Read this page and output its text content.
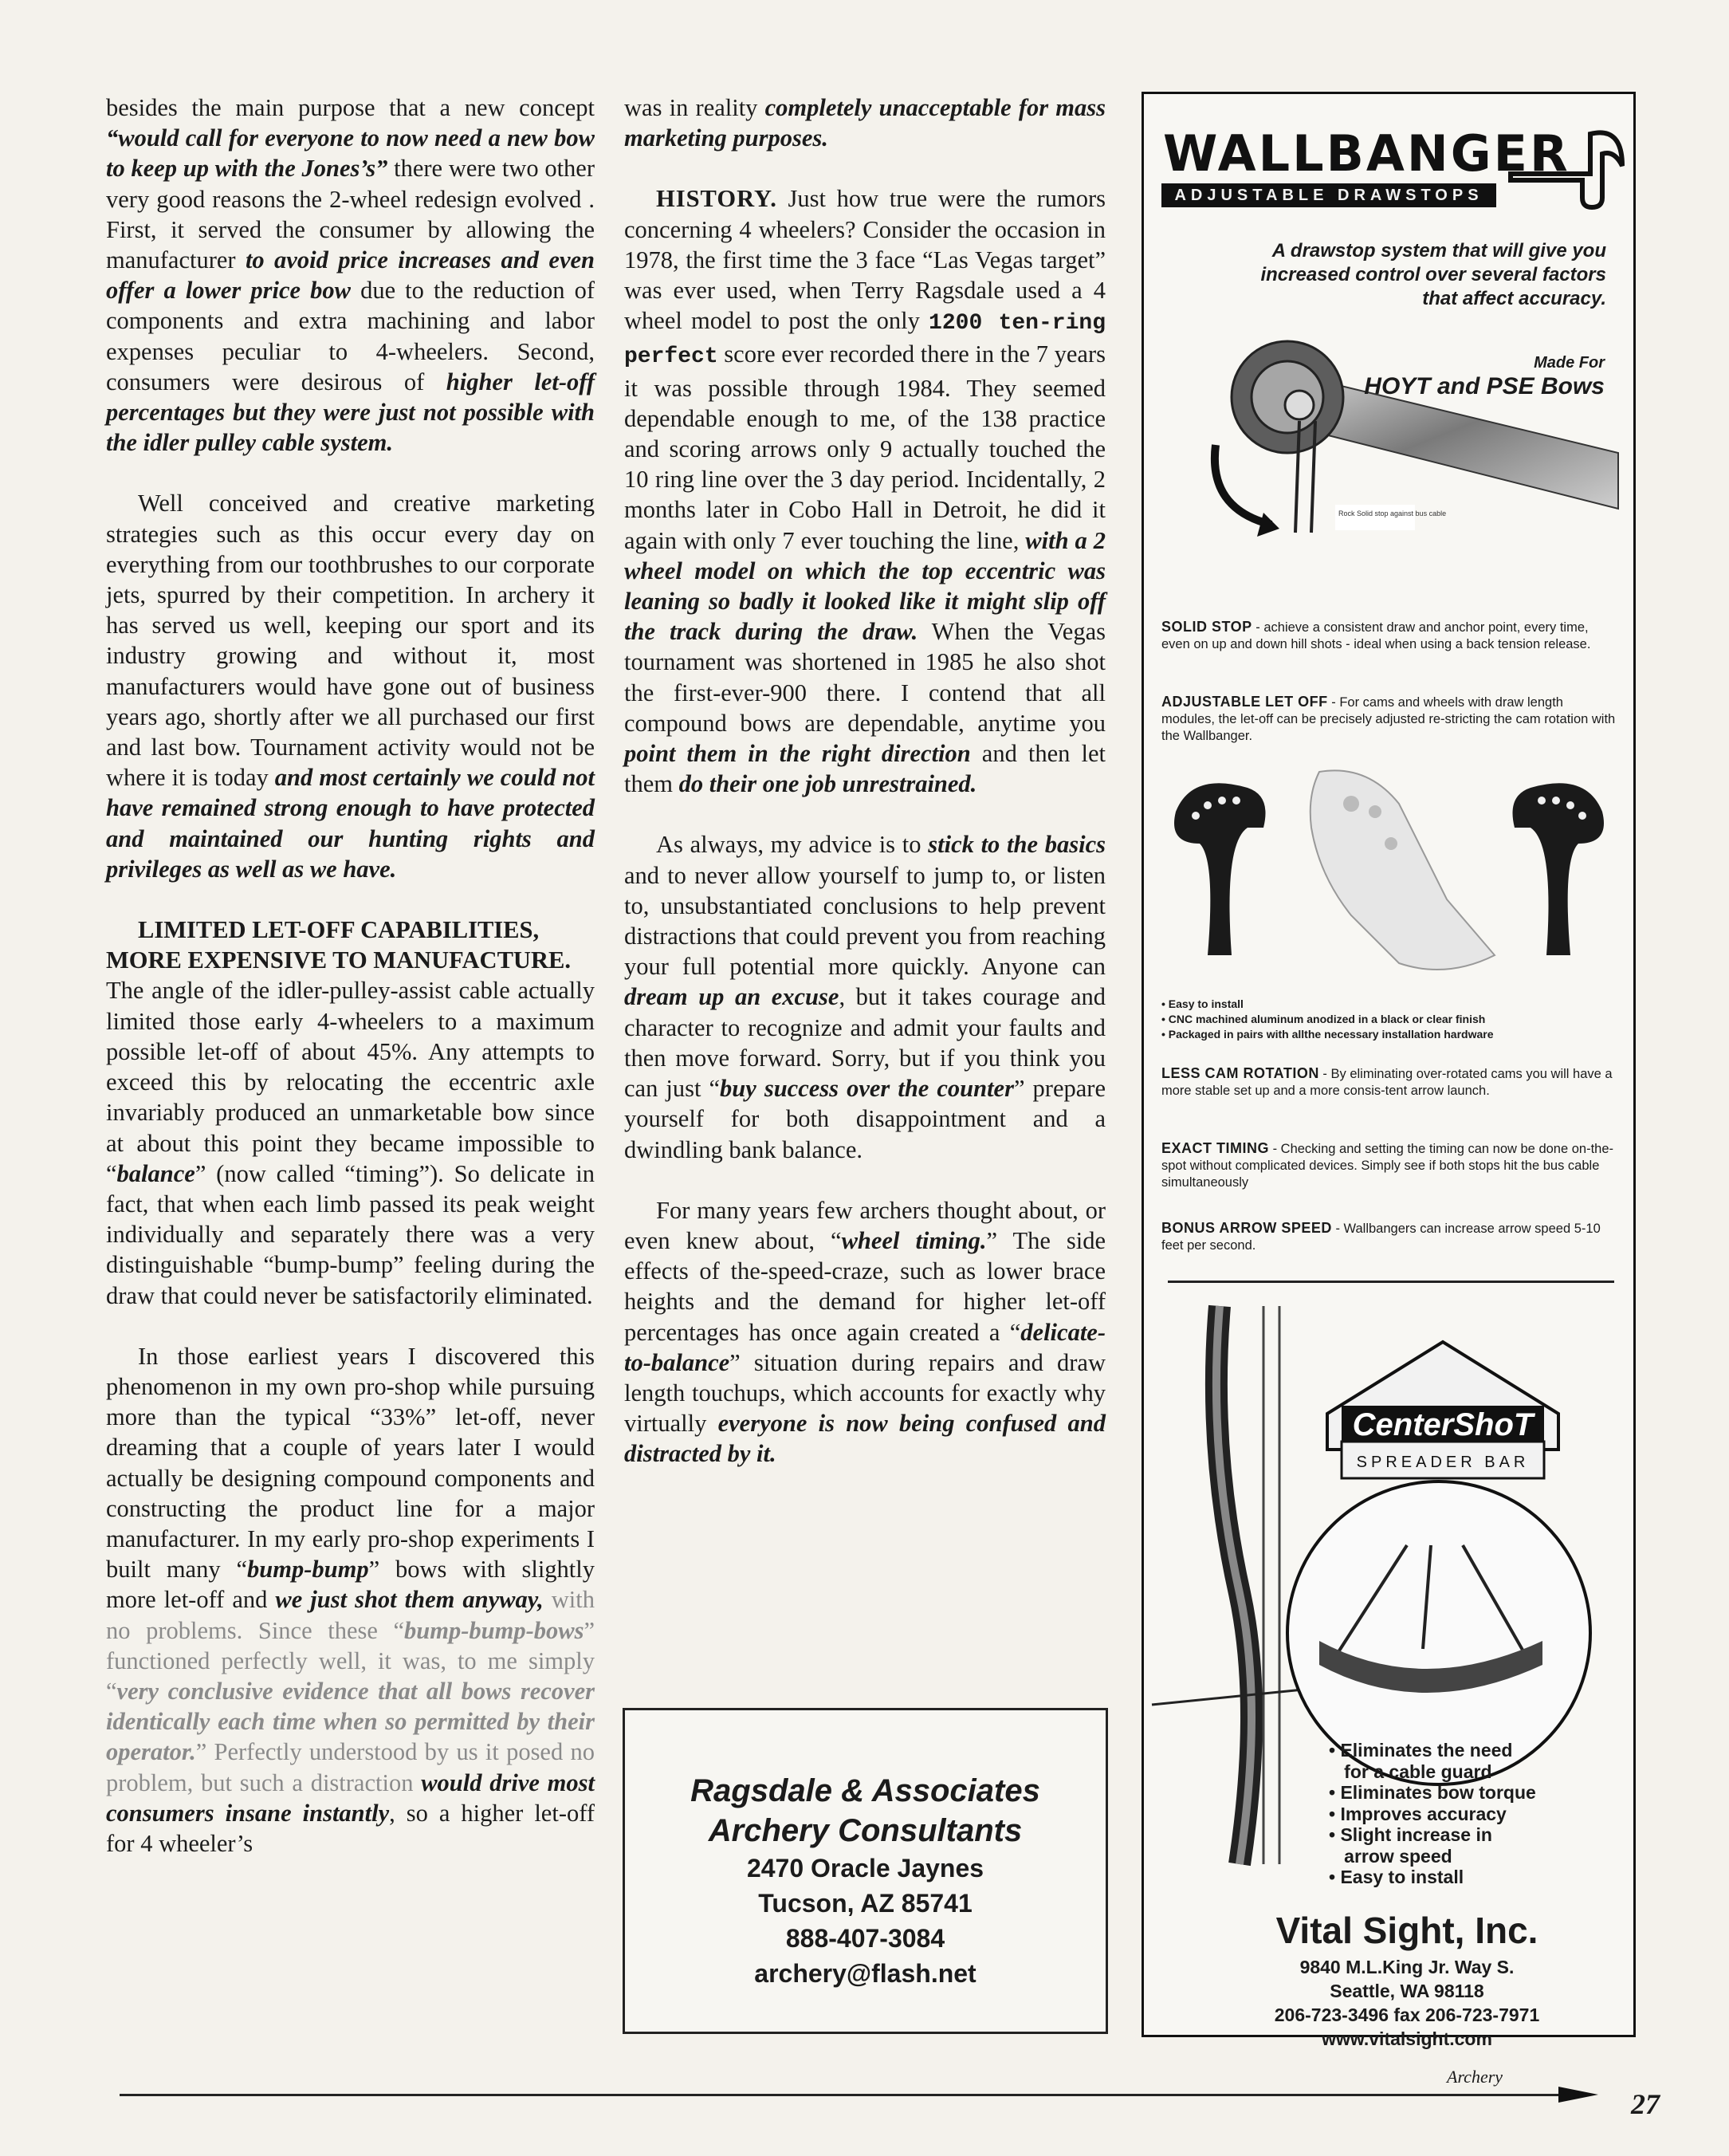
besides the main purpose that a new concept “would call for everyone to now need a new bow to keep up with the Jones’s” there were two other very good reasons the 2-wheel redesign evolved . First, it served the consumer by allowing the manufacturer to avoid price increases and even offer a lower price bow due to the reduction of components and extra machining and labor expenses peculiar to 4-wheelers. Second, consumers were desirous of higher let-off percentages but they were just not possible with the idler pulley cable system.

Well conceived and creative marketing strategies such as this occur every day on everything from our toothbrushes to our corporate jets, spurred by their competition. In archery it has served us well, keeping our sport and its industry growing and without it, most manufacturers would have gone out of business years ago, shortly after we all purchased our first and last bow. Tournament activity would not be where it is today and most certainly we could not have remained strong enough to have protected and maintained our hunting rights and privileges as well as we have.

LIMITED LET-OFF CAPABILITIES, MORE EXPENSIVE TO MANUFACTURE. The angle of the idler-pulley-assist cable actually limited those early 4-wheelers to a maximum possible let-off of about 45%. Any attempts to exceed this by relocating the eccentric axle invariably produced an unmarketable bow since at about this point they became impossible to “balance” (now called “timing”). So delicate in fact, that when each limb passed its peak weight individually and separately there was a very distinguishable “bump-bump” feeling during the draw that could never be satisfactorily eliminated.

In those earliest years I discovered this phenomenon in my own pro-shop while pursuing more than the typical “33%” let-off, never dreaming that a couple of years later I would actually be designing compound components and constructing the product line for a major manufacturer. In my early pro-shop experiments I built many “bump-bump” bows with slightly more let-off and we just shot them anyway, with no problems. Since these “bump-bump-bows” functioned perfectly well, it was, to me simply “very conclusive evidence that all bows recover identically each time when so permitted by their operator.” Perfectly understood by us it posed no problem, but such a distraction would drive most consumers insane instantly, so a higher let-off for 4 wheeler’s

was in reality completely unacceptable for mass marketing purposes.

HISTORY. Just how true were the rumors concerning 4 wheelers? Consider the occasion in 1978, the first time the 3 face “Las Vegas target” was ever used, when Terry Ragsdale used a 4 wheel model to post the only 1200 ten-ring perfect score ever recorded there in the 7 years it was possible through 1984. They seemed dependable enough to me, of the 138 practice and scoring arrows only 9 actually touched the 10 ring line over the 3 day period. Incidentally, 2 months later in Cobo Hall in Detroit, he did it again with only 7 ever touching the line, with a 2 wheel model on which the top eccentric was leaning so badly it looked like it might slip off the track during the draw. When the Vegas tournament was shortened in 1985 he also shot the first-ever-900 there. I contend that all compound bows are dependable, anytime you point them in the right direction and then let them do their one job unrestrained.

As always, my advice is to stick to the basics and to never allow yourself to jump to, or listen to, unsubstantiated conclusions to help prevent distractions that could prevent you from reaching your full potential more quickly. Anyone can dream up an excuse, but it takes courage and character to recognize and admit your faults and then move forward. Sorry, but if you think you can just “buy success over the counter” prepare yourself for both disappointment and a dwindling bank balance.

For many years few archers thought about, or even knew about, “wheel timing.” The side effects of the-speed-craze, such as lower brace heights and the demand for higher let-off percentages has once again created a “delicate-to-balance” situation during repairs and draw length touchups, which accounts for exactly why virtually everyone is now being confused and distracted by it.

Ragsdale & Associates
Archery Consultants
2470 Oracle Jaynes
Tucson, AZ 85741
888-407-3084
archery@flash.net
WALLBANGER
ADJUSTABLE DRAWSTOPS
A drawstop system that will give you increased control over several factors that affect accuracy.
Rock Solid stop against bus cable
Made For
HOYT and PSE Bows
SOLID STOP - achieve a consistent draw and anchor point, every time, even on up and down hill shots - ideal when using a back tension release.
ADJUSTABLE LET OFF - For cams and wheels with draw length modules, the let-off can be precisely adjusted re-stricting the cam rotation with the Wallbanger.
• Easy to install
• CNC machined aluminum anodized in a black or clear finish
• Packaged in pairs with allthe necessary installation hardware
LESS CAM ROTATION - By eliminating over-rotated cams you will have a more stable set up and a more consis-tent arrow launch.
EXACT TIMING - Checking and setting the timing can now be done on-the-spot without complicated devices. Simply see if both stops hit the bus cable simultaneously
BONUS ARROW SPEED - Wallbangers can increase arrow speed 5-10 feet per second.
CenterShoT
SPREADER BAR
• Eliminates the need
for a cable guard
• Eliminates bow torque
• Improves accuracy
• Slight increase in
arrow speed
• Easy to install
Vital Sight, Inc.
9840 M.L.King Jr. Way S.
Seattle, WA 98118
206-723-3496 fax 206-723-7971
www.vitalsight.com
Archery
27
